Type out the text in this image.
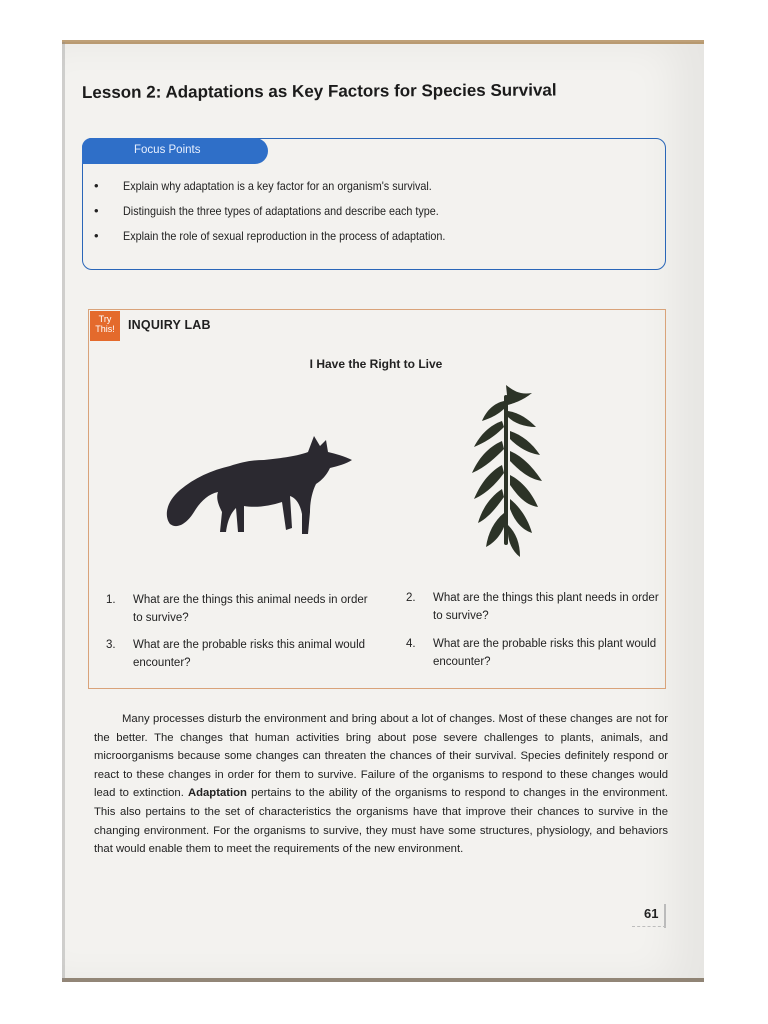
Lesson 2: Adaptations as Key Factors for Species Survival
Focus Points
• Explain why adaptation is a key factor for an organism's survival.
• Distinguish the three types of adaptations and describe each type.
• Explain the role of sexual reproduction in the process of adaptation.
Try
This!	INQUIRY LAB
I Have the Right to Live
1. What are the things this animal needs in order to survive?
2. What are the things this plant needs in order to survive?
3. What are the probable risks this animal would encounter?
4. What are the probable risks this plant would encounter?

Many processes disturb the environment and bring about a lot of changes. Most of these changes are not for the better. The changes that human activities bring about pose severe challenges to plants, animals, and microorganisms because some changes can threaten the chances of their survival. Species definitely respond or react to these changes in order for them to survive. Failure of the organisms to respond to these changes would lead to extinction. Adaptation pertains to the ability of the organisms to respond to changes in the environment. This also pertains to the set of characteristics the organisms have that improve their chances to survive in the changing environment. For the organisms to survive, they must have some structures, physiology, and behaviors that would enable them to meet the requirements of the new environment.

61
